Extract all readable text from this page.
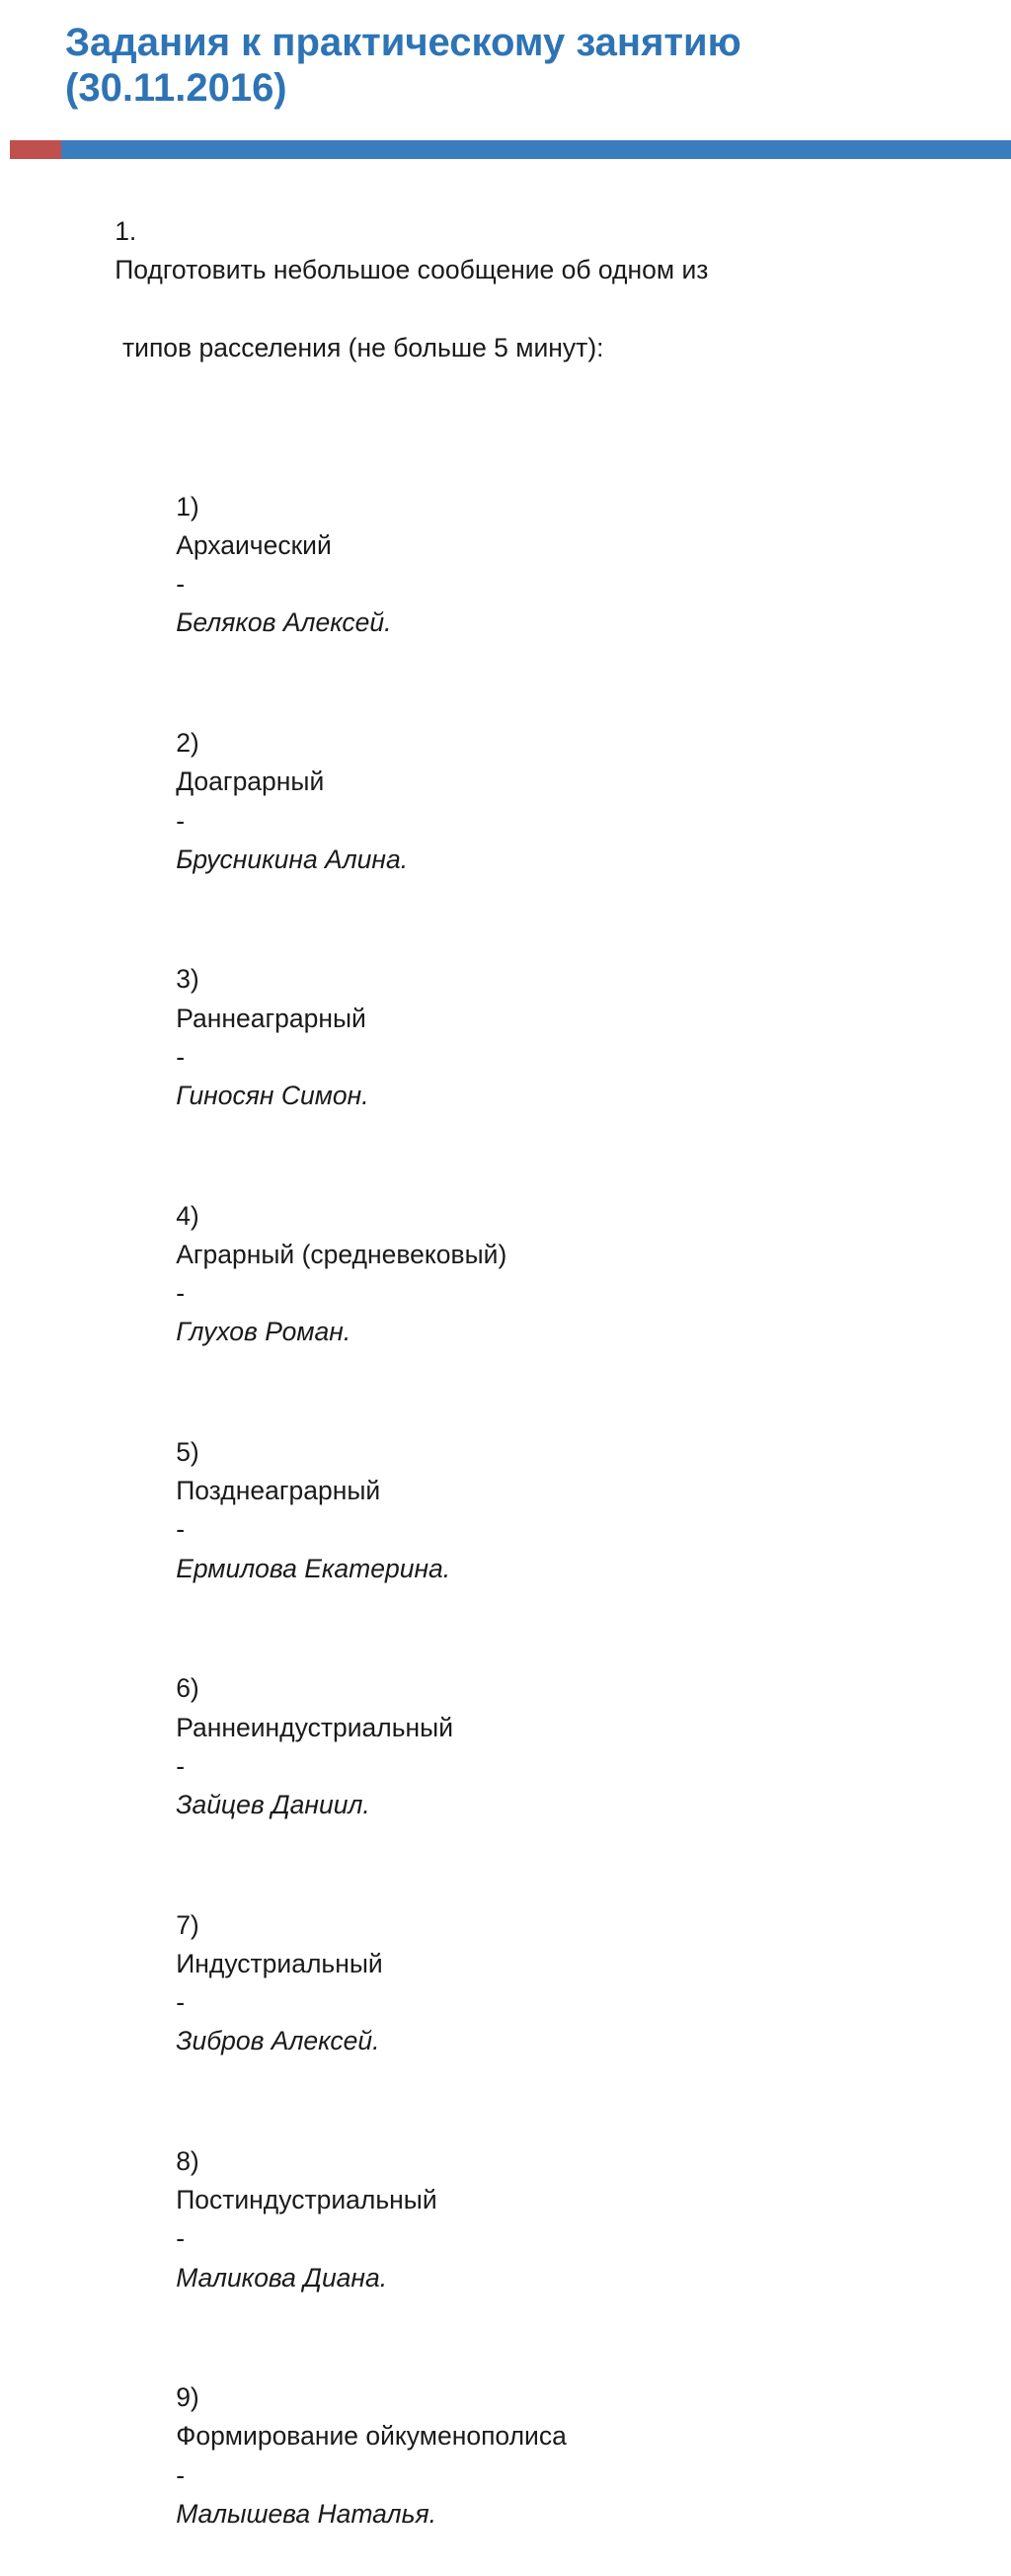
Задания к практическому занятию (30.11.2016)

1.
Подготовить небольшое сообщение об одном из

типов расселения (не больше 5 минут):

1)
Архаический
-
Беляков Алексей.

2)
Доаграрный
-
Брусникина Алина.

3)
Раннеаграрный
-
Гиносян Симон.

4)
Аграрный (средневековый)
-
Глухов Роман.

5)
Позднеаграрный
-
Ермилова Екатерина.

6)
Раннеиндустриальный
-
Зайцев Даниил.

7)
Индустриальный
-
Зибров Алексей.

8)
Постиндустриальный
-
Маликова Диана.

9)
Формирование ойкуменополиса
-
Малышева Наталья.
